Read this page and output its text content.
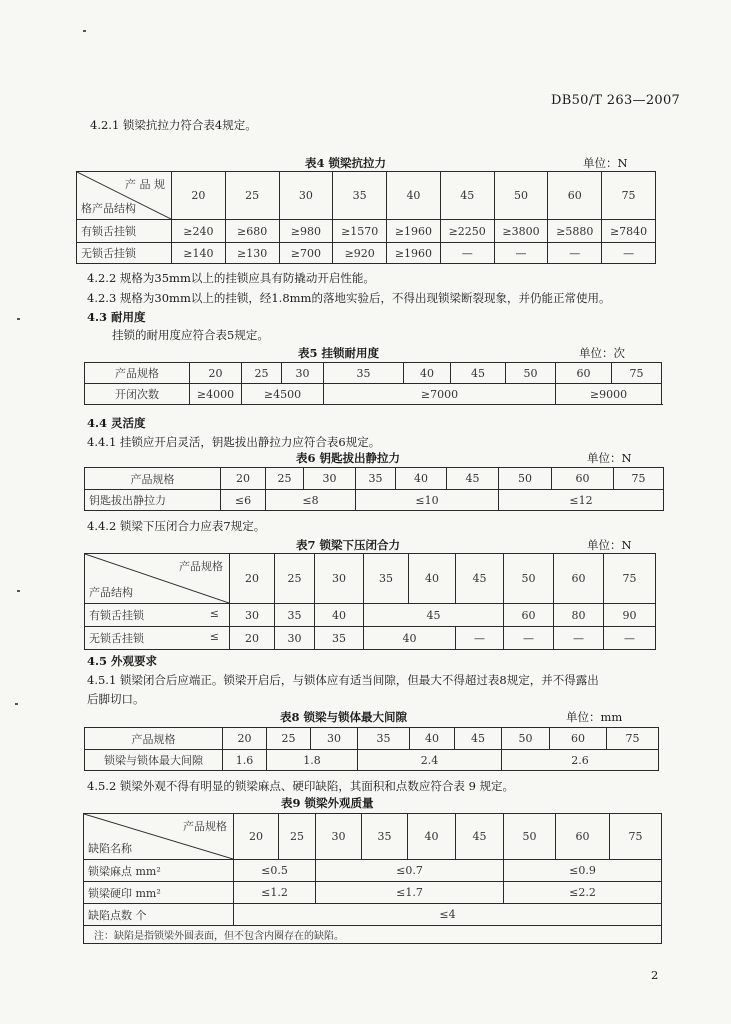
DB50/T 263—2007
4.2.1 锁梁抗拉力符合表4规定。
表4 锁梁抗拉力	单位：N
产 品 规
格产品结构	20	25	30	35	40	45	50	60	75
有锁舌挂锁	≥240	≥680	≥980	≥1570	≥1960	≥2250	≥3800	≥5880	≥7840
无锁舌挂锁	≥140	≥130	≥700	≥920	≥1960	—	—	—	—
4.2.2 规格为35mm以上的挂锁应具有防撬动开启性能。
4.2.3 规格为30mm以上的挂锁，经1.8mm的落地实验后，不得出现锁梁断裂现象，并仍能正常使用。
4.3 耐用度
挂锁的耐用度应符合表5规定。
表5 挂锁耐用度	单位：次
产品规格	20	25	30	35	40	45	50	60	75
开闭次数	≥4000	≥4500		≥7000				≥9000	
4.4 灵活度
4.4.1 挂锁应开启灵活，钥匙拔出静拉力应符合表6规定。
表6 钥匙拔出静拉力	单位：N
产品规格	20	25	30	35	40	45	50	60	75
钥匙拔出静拉力	≤6	≤8		≤10			≤12		
4.4.2 锁梁下压闭合力应表7规定。
表7 锁梁下压闭合力	单位：N
产品规格
产品结构	20	25	30	35	40	45	50	60	75
有锁舌挂锁 ≤	30	35	40	45			60	80	90
无锁舌挂锁 ≤	20	30	35	40		—	—	—	—
4.5 外观要求
4.5.1 锁梁闭合后应端正。锁梁开启后，与锁体应有适当间隙，但最大不得超过表8规定，并不得露出
后脚切口。
表8 锁梁与锁体最大间隙	单位：mm
产品规格	20	25	30	35	40	45	50	60	75
锁梁与锁体最大间隙	1.6	1.8		2.4			2.6		
4.5.2 锁梁外观不得有明显的锁梁麻点、硬印缺陷，其面积和点数应符合表 9 规定。
表9 锁梁外观质量
产品规格
缺陷名称	20	25	30	35	40	45	50	60	75
锁梁麻点 mm²	≤0.5		≤0.7				≤0.9		
锁梁硬印 mm²	≤1.2		≤1.7				≤2.2		
缺陷点数 个	≤4								
注：缺陷是指锁梁外圆表面，但不包含内圈存在的缺陷。									
2
